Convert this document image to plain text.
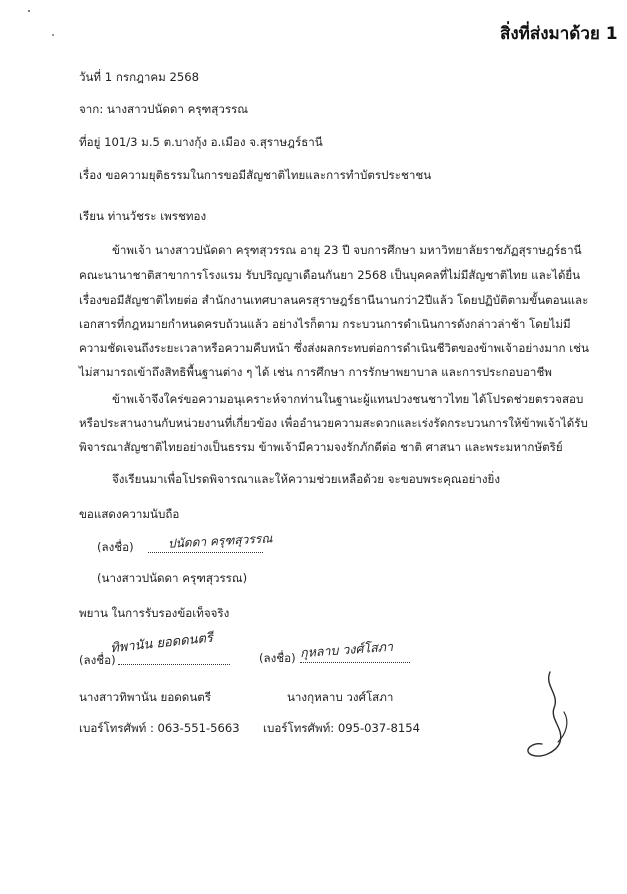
สิ่งที่ส่งมาด้วย 1
วันที่ 1 กรกฎาคม 2568
จาก: นางสาวปนัดดา ครุฑสุวรรณ
ที่อยู่ 101/3 ม.5 ต.บางกุ้ง อ.เมือง จ.สุราษฎร์ธานี
เรื่อง ขอความยุติธรรมในการขอมีสัญชาติไทยและการทำบัตรประชาชน
เรียน ท่านวัชระ เพรชทอง
ข้าพเจ้า นางสาวปนัดดา ครุฑสุวรรณ อายุ 23 ปี จบการศึกษา มหาวิทยาลัยราชภัฏสุราษฎร์ธานี
คณะนานาชาติสาขาการโรงแรม รับปริญญาเดือนกันยา 2568 เป็นบุคคลที่ไม่มีสัญชาติไทย และได้ยื่น
เรื่องขอมีสัญชาติไทยต่อ สำนักงานเทศบาลนครสุราษฎร์ธานีนานกว่า2ปีแล้ว โดยปฏิบัติตามขั้นตอนและ
เอกสารที่กฎหมายกำหนดครบถ้วนแล้ว อย่างไรก็ตาม กระบวนการดำเนินการดังกล่าวล่าช้า โดยไม่มี
ความชัดเจนถึงระยะเวลาหรือความคืบหน้า ซึ่งส่งผลกระทบต่อการดำเนินชีวิตของข้าพเจ้าอย่างมาก เช่น
ไม่สามารถเข้าถึงสิทธิพื้นฐานต่าง ๆ ได้ เช่น การศึกษา การรักษาพยาบาล และการประกอบอาชีพ
ข้าพเจ้าจึงใคร่ขอความอนุเคราะห์จากท่านในฐานะผู้แทนปวงชนชาวไทย ได้โปรดช่วยตรวจสอบ
หรือประสานงานกับหน่วยงานที่เกี่ยวข้อง เพื่ออำนวยความสะดวกและเร่งรัดกระบวนการให้ข้าพเจ้าได้รับ
พิจารณาสัญชาติไทยอย่างเป็นธรรม ข้าพเจ้ามีความจงรักภักดีต่อ ชาติ ศาสนา และพระมหากษัตริย์
จึงเรียนมาเพื่อโปรดพิจารณาและให้ความช่วยเหลือด้วย จะขอบพระคุณอย่างยิ่ง
ขอแสดงความนับถือ
(ลงชื่อ)	ปนัดดา ครุฑสุวรรณ
(นางสาวปนัดดา ครุฑสุวรรณ)
พยาน ในการรับรองข้อเท็จจริง
(ลงชื่อ)
ทิพานัน ยอดดนตรี
นางสาวทิพานัน ยอดดนตรี
เบอร์โทรศัพท์ : 063-551-5663
(ลงชื่อ) กุหลาบ วงศ์โสภา
นางกุหลาบ วงศ์โสภา
เบอร์โทรศัพท์: 095-037-8154
